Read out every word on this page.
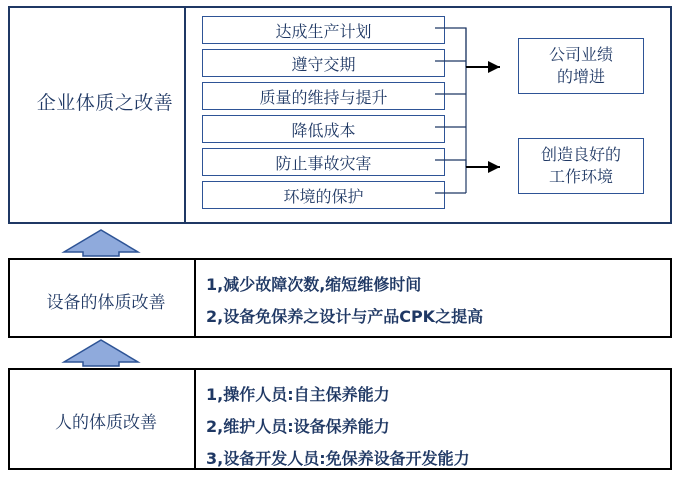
企业体质之改善
达成生产计划
遵守交期
质量的维持与提升
降低成本
防止事故灾害
环境的保护
公司业绩
的增进
创造良好的
工作环境
设备的体质改善
1,减少故障次数,缩短维修时间
2,设备免保养之设计与产品CPK之提高
人的体质改善
1,操作人员:自主保养能力
2,维护人员:设备保养能力
3,设备开发人员:免保养设备开发能力
